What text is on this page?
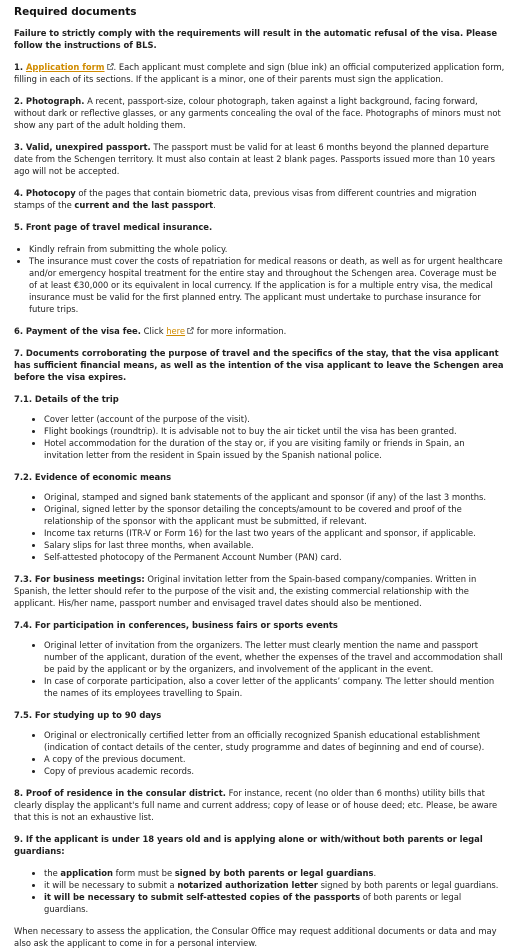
Required documents

Failure to strictly comply with the requirements will result in the automatic refusal of the visa. Please follow the instructions of BLS.

1. Application form . Each applicant must complete and sign (blue ink) an official computerized application form, filling in each of its sections. If the applicant is a minor, one of their parents must sign the application.

2. Photograph. A recent, passport-size, colour photograph, taken against a light background, facing forward, without dark or reflective glasses, or any garments concealing the oval of the face. Photographs of minors must not show any part of the adult holding them.

3. Valid, unexpired passport. The passport must be valid for at least 6 months beyond the planned departure date from the Schengen territory. It must also contain at least 2 blank pages. Passports issued more than 10 years ago will not be accepted.

4. Photocopy of the pages that contain biometric data, previous visas from different countries and migration stamps of the current and the last passport.

5. Front page of travel medical insurance.

• Kindly refrain from submitting the whole policy.
• The insurance must cover the costs of repatriation for medical reasons or death, as well as for urgent healthcare and/or emergency hospital treatment for the entire stay and throughout the Schengen area. Coverage must be of at least €30,000 or its equivalent in local currency. If the application is for a multiple entry visa, the medical insurance must be valid for the first planned entry. The applicant must undertake to purchase insurance for future trips.

6. Payment of the visa fee. Click here
for more information.

7. Documents corroborating the purpose of travel and the specifics of the stay, that the visa applicant has sufficient financial means, as well as the intention of the visa applicant to leave the Schengen area before the visa expires.

7.1. Details of the trip
• Cover letter (account of the purpose of the visit).
• Flight bookings (roundtrip). It is advisable not to buy the air ticket until the visa has been granted.
• Hotel accommodation for the duration of the stay or, if you are visiting family or friends in Spain, an invitation letter from the resident in Spain issued by the Spanish national police.
7.2. Evidence of economic means
• Original, stamped and signed bank statements of the applicant and sponsor (if any) of the last 3 months.
• Original, signed letter by the sponsor detailing the concepts/amount to be covered and proof of the relationship of the sponsor with the applicant must be submitted, if relevant.
• Income tax returns (ITR-V or Form 16) for the last two years of the applicant and sponsor, if applicable.
• Salary slips for last three months, when available.
• Self-attested photocopy of the Permanent Account Number (PAN) card.

7.3. For business meetings: Original invitation letter from the Spain-based company/companies. Written in Spanish, the letter should refer to the purpose of the visit and, the existing commercial relationship with the applicant. His/her name, passport number and envisaged travel dates should also be mentioned.

7.4. For participation in conferences, business fairs or sports events
• Original letter of invitation from the organizers. The letter must clearly mention the name and passport number of the applicant, duration of the event, whether the expenses of the travel and accommodation shall be paid by the applicant or by the organizers, and involvement of the applicant in the event.
• In case of corporate participation, also a cover letter of the applicants’ company. The letter should mention the names of its employees travelling to Spain.
7.5. For studying up to 90 days
• Original or electronically certified letter from an officially recognized Spanish educational establishment (indication of contact details of the center, study programme and dates of beginning and end of course).
• A copy of the previous document.
• Copy of previous academic records.

8. Proof of residence in the consular district. For instance, recent (no older than 6 months) utility bills that clearly display the applicant's full name and current address; copy of lease or of house deed; etc. Please, be aware that this is not an exhaustive list.

9. If the applicant is under 18 years old and is applying alone or with/without both parents or legal guardians:

• the application form must be signed by both parents or legal guardians.
• it will be necessary to submit a notarized authorization letter signed by both parents or legal guardians.
• it will be necessary to submit self-attested copies of the passports of both parents or legal guardians.

When necessary to assess the application, the Consular Office may request additional documents or data and may also ask the applicant to come in for a personal interview.
